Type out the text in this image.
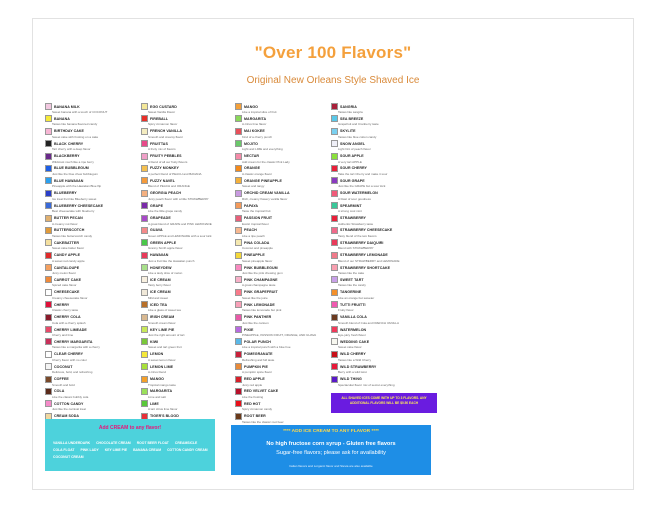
"Over 100 Flavors"
Original New Orleans Style Shaved Ice
BANANA MILK
Sweet banana with a touch of COCONUT
BANANA
Tastes like banana flavored candy
BIRTHDAY CAKE
Sweet cake with frosting on a cake
BLACK CHERRY
Tart cherry with a deep flavor
BLACKBERRY
Wildcrest much like a ripe berry
BLUE BUBBLEGUM
Just like the blue chew bubblegum
BLUE HAWAIIAN
Pineapple with the Hawaiian Blue flip
BLUEBERRY
Ice treat fruit like Blueberry sweet
BLUEBERRY CHEESECAKE
Best cheesecake with blueberry
BUTTER PECAN
A creamy nut flavor
BUTTERSCOTCH
Tastes like butterscotch candy
CAKEBATTER
Sweet cake batter flavor
CANDY APPLE
A sweet red candy apple
CANTALOUPE
Juicy melon flavor
CARROT CAKE
Spiced cake flavor
CHEESECAKE
Creamy cheesecake flavor
CHERRY
Classic cherry taste
CHERRY COLA
Cola with a cherry splash
CHERRY LIMEADE
Cherry and lime
CHERRY MARGARITA
Tastes like a margarita with a cherry
CLEAR CHERRY
Cherry flavor with no color
COCONUT
Delicious, bold, and refreshing
COFFEE
Smooth and bold
COLA
Like the classic bubbly cola
COTTON CANDY
Just like the carnival treat
CREAM SODA
EGG CUSTARD
Sweet Vanilla Flavor
FIREBALL
Spicy cinnamon flavor
FRENCH VANILLA
Smooth and creamy flavor
FRUITTAS
A fruity mix of flavors
FRUITY PEBBLES
A blend of all our fruity flavors
FUZZY MONKEY
A perfect blend of PEACH and BANANA
FUZZY NAVEL
Blend of PEACH and ORANGE
GEORGIA PEACH
Juicy peach flavor with a little STRAWBERRY
GRAPE
Like the little grape candy
GRAPEADE
A great blend of GRAPE and PINK LEMONADE
GUAVA
Green APPLE and LEMONADE with a sour kick
GREEN APPLE
Granny Smith apple flavor
HAWAIIAN
Just a fruit like the Hawaiian punch
HONEYDEW
Like a tasty slice of melon
ICE CREAM
Tasty berry flavor
ICE CREAM
Mild and sweet
ICED TEA
Like a glass of sweet tea
IRISH CREAM
Smooth cream flavor
KEY LIME PIE
Just the right amount of tart
KIWI
Sweet and tart green fruit
LEMON
A sweet lemon flavor
LEMON LIME
A citrus blend
MANGO
Tropical mango taste
MARGARITA
Lime and salt
LIME
A tart citrus lime flavor
TIGER'S BLOOD
MANGO
Like a tropical slice of fruit
MARGARITA
A citrus lime flavor
MAI KOKEE
Kind of a cherry punch
MOJITO
Light and LIME and everything
NECTAR
Add cream for the classic Pink Lady
ORANGE
A classic orange flavor
ORANGE PINEAPPLE
Sweet and tangy
ORCHID CREAM VANILLA
Rich, creamy flowery vanilla flavor
PAPAYA
Taste the tropical fruit
PASSION FRUIT
Exotic tropical flavor
PEACH
Like a ripe peach
PINA COLADA
Coconut and pineapple
PINEAPPLE
Sweet pineapple flavor
PINK BUBBLEGUM
Just like the pink chewing gum
PINK CHAMPAGNE
A great champagne taste
PINK GRAPEFRUIT
Sweet like the juice
PINK LEMONADE
Tastes like lemonade but pink
PINK PANTHER
Just like the cartoon
PIXIE
PINEAPPLE, PASSION FRUIT, ORANGE, AND GUAVA
POLAR PUNCH
Like a tropical punch with a blue hue
POMEGRANATE
Refreshing and full taste
PUMPKIN PIE
A pumpkin spice flavor
RED APPLE
Juicy red apple
RED VELVET CAKE
Like the frosting
RED HOT
Spicy cinnamon candy
ROOT BEER
Tastes like the classic root beer
SANGRIA
Tastes like sangria
SEA BREEZE
Grapefruit and Cranberry taste
SKYLITE
Tastes like blue cotton candy
SNOW ANGEL
Light hint of peach flavor
SOUR APPLE
A very tart APPLE
SOUR CHERRY
Take the tart Cherry and make it sour
SOUR GRAPE
Just like the GRAPE but a sour kick
SOUR WATERMELON
A blast of sour goodness
SPEARMINT
A strong cool mint
STRAWBERRY
Authentic Strawberry taste
STRAWBERRY CHEESECAKE
Tasty blend of the two flavors
STRAWBERRY DAIQUIRI
Blend with STRAWBERRY
STRAWBERRY LEMONADE
Blend of our STRAWBERRY and LEMONADE
STRAWBERRY SHORTCAKE
Tastes like the cake
SWEET TART
Tastes like the candy
TANGERINE
Like an orange but sweeter
TUTTI FRUITTI
Fruity flavor
VANILLA COLA
Smooth blend of Cola and FRENCH VANILLA
WATERMELON
Eye-juicy fresh flavor
WEDDING CAKE
Sweet cake flavor
WILD CHERRY
Tastes like a Wild Cherry
WILD STRAWBERRY
Berry with a wild twist
WILD THING
Spectacular flavor mix of secret everything
ALL SHAVED ICES COME WITH UP TO 3 FLAVORS. ANY ADDITIONAL FLAVORS WILL BE $0.50 EACH
Add CREAM to any flavor!
VANILLA UNDERDARK CHOCOLATE CREAM ROOT BEER FLOAT CREAMSICLE
COLA FLOAT PINK LADY KEY LIME PIE BANANA CREAM COTTON CANDY CREAM
COCONUT CREAM
**** ADD ICE CREAM TO ANY FLAVOR ****
No high fructose corn syrup - Gluten free flavors
Sugar-free flavors; please ask for availability
Italian flavors and Lorganic flavor and Stevia are also available
